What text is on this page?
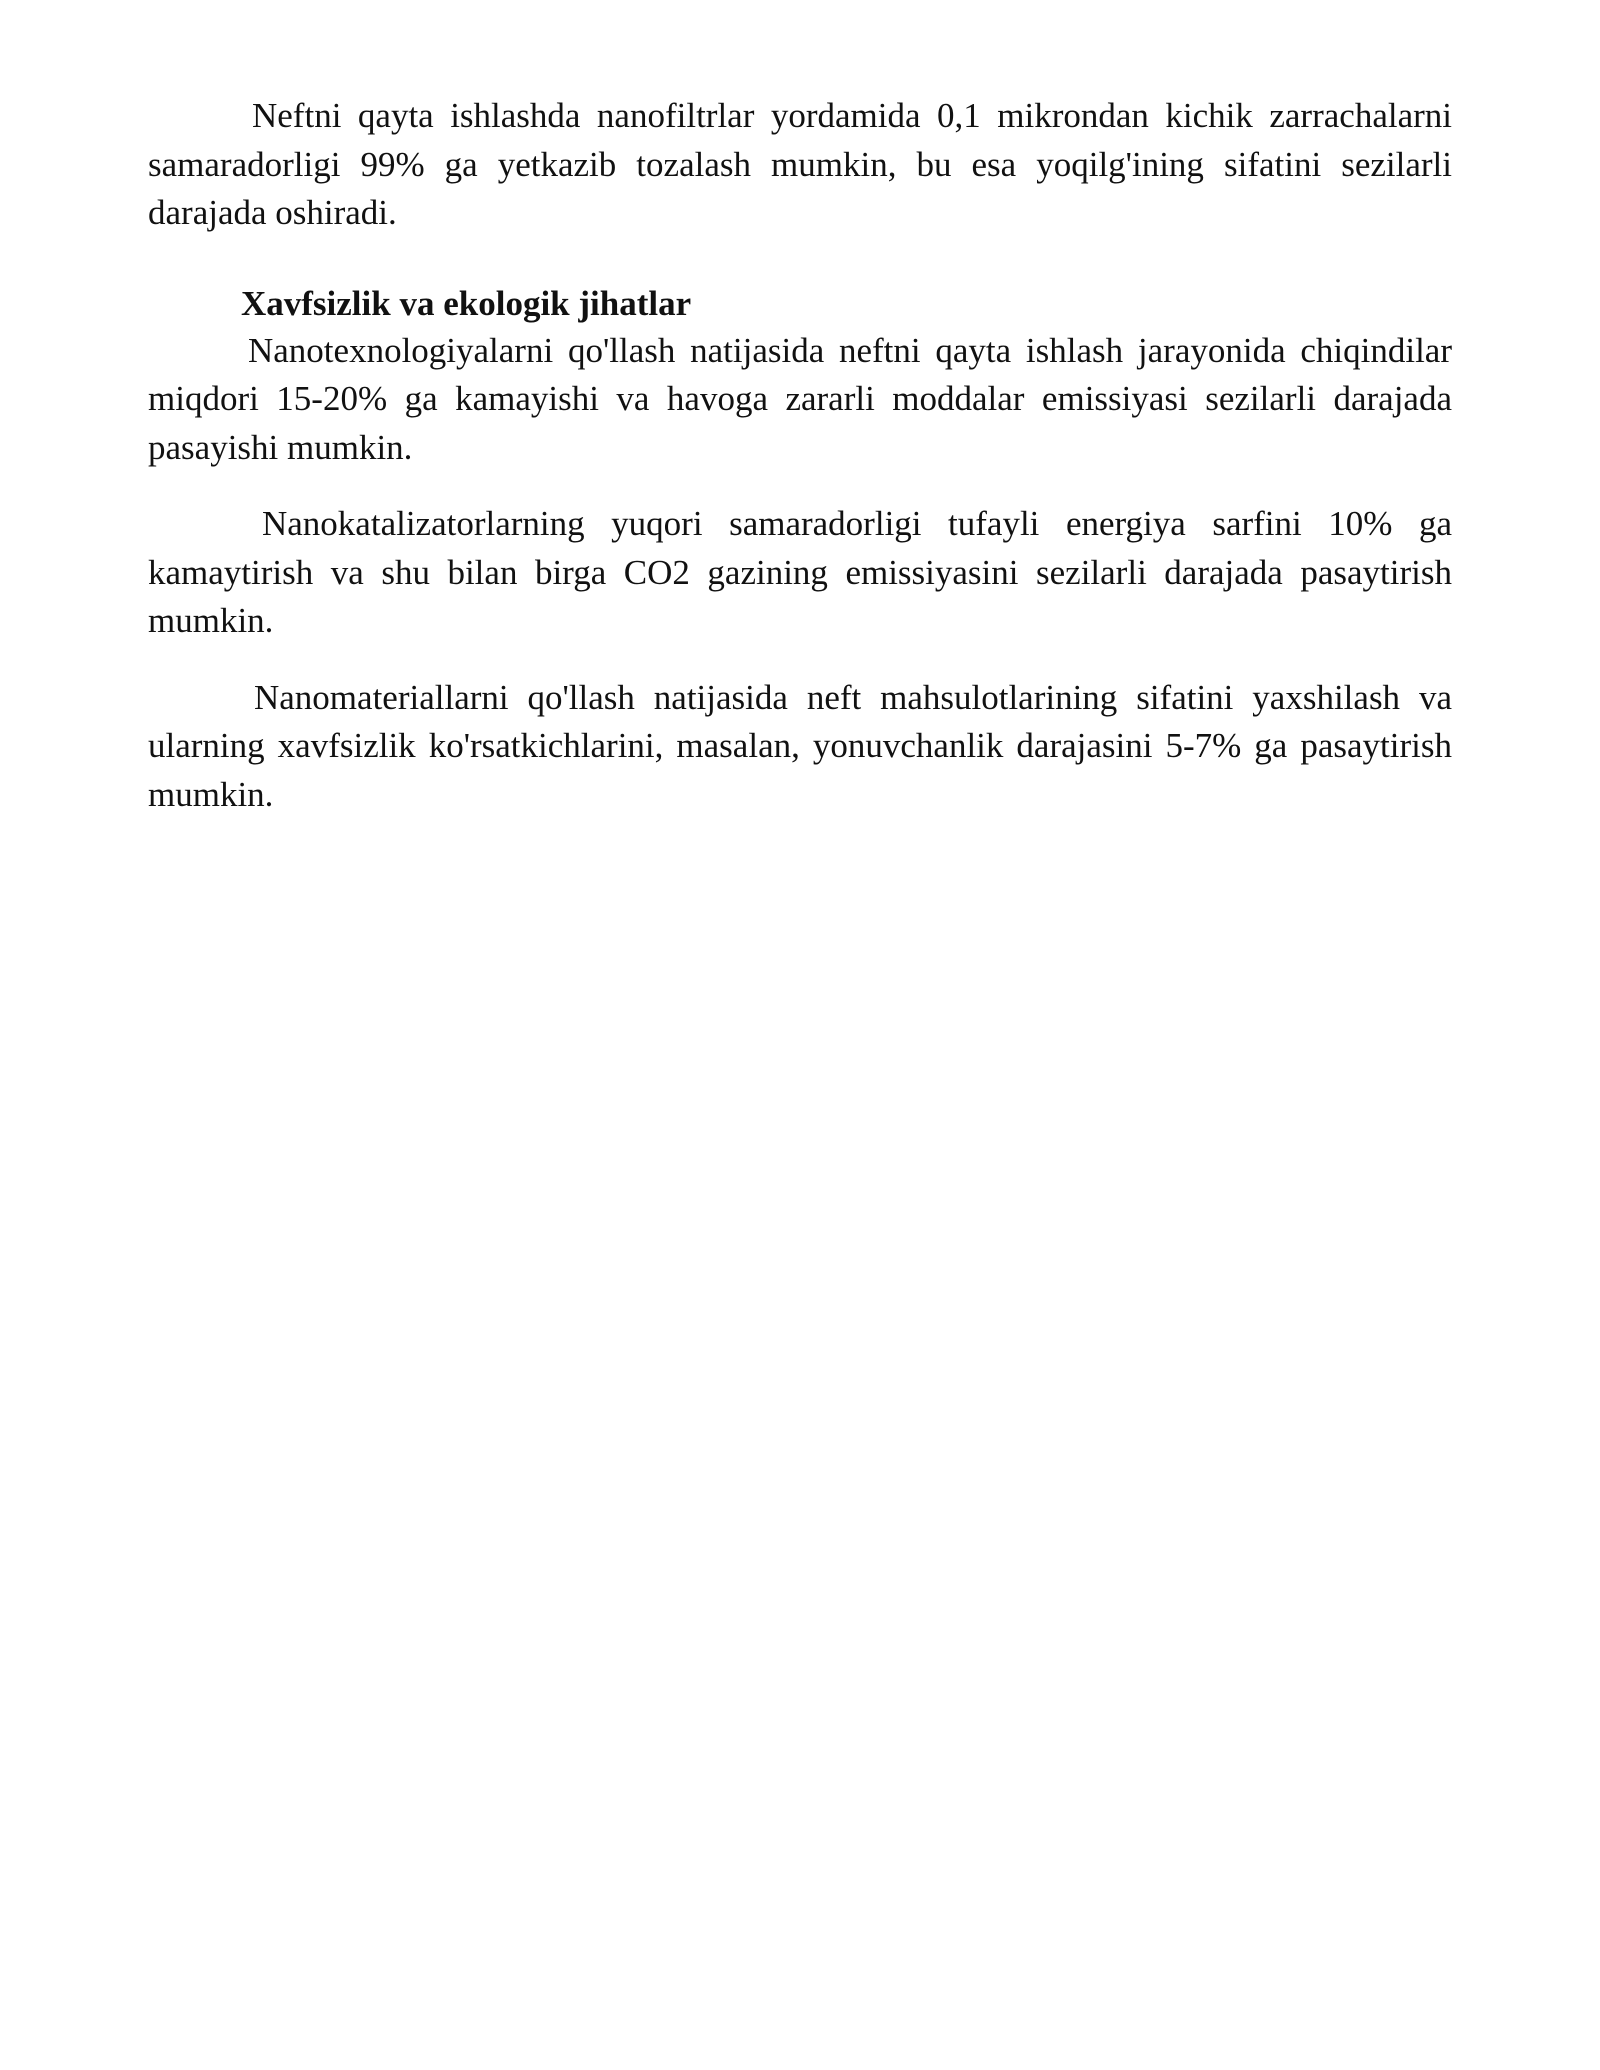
Neftni qayta ishlashda nanofiltrlar yordamida 0,1 mikrondan kichik zarrachalarni samaradorligi 99% ga yetkazib tozalash mumkin, bu esa yoqilg'ining sifatini sezilarli darajada oshiradi.

Xavfsizlik va ekologik jihatlar

Nanotexnologiyalarni qo'llash natijasida neftni qayta ishlash jarayonida chiqindilar miqdori 15-20% ga kamayishi va havoga zararli moddalar emissiyasi sezilarli darajada pasayishi mumkin.

Nanokatalizatorlarning yuqori samaradorligi tufayli energiya sarfini 10% ga kamaytirish va shu bilan birga CO2 gazining emissiyasini sezilarli darajada pasaytirish mumkin.

Nanomateriallarni qo'llash natijasida neft mahsulotlarining sifatini yaxshilash va ularning xavfsizlik ko'rsatkichlarini, masalan, yonuvchanlik darajasini 5-7% ga pasaytirish mumkin.
